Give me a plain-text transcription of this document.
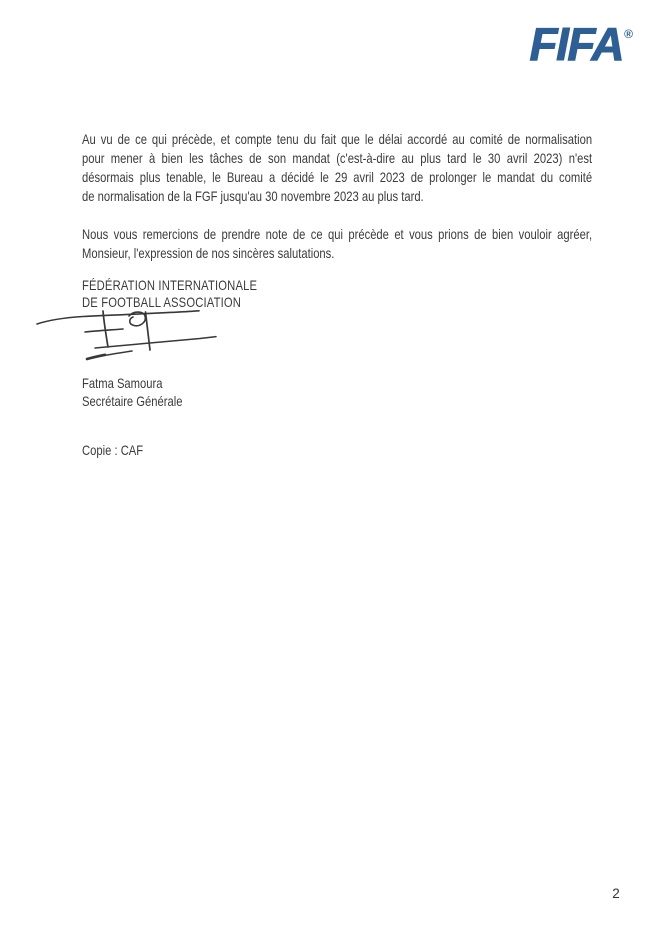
FIFA®
Au vu de ce qui précède, et compte tenu du fait que le délai accordé au comité de normalisation
pour mener à bien les tâches de son mandat (c'est-à-dire au plus tard le 30 avril 2023) n'est
désormais plus tenable, le Bureau a décidé le 29 avril 2023 de prolonger le mandat du comité
de normalisation de la FGF jusqu'au 30 novembre 2023 au plus tard.
Nous vous remercions de prendre note de ce qui précède et vous prions de bien vouloir agréer,
Monsieur, l'expression de nos sincères salutations.
FÉDÉRATION INTERNATIONALE
DE FOOTBALL ASSOCIATION
Fatma Samoura
Secrétaire Générale
Copie : CAF
2
